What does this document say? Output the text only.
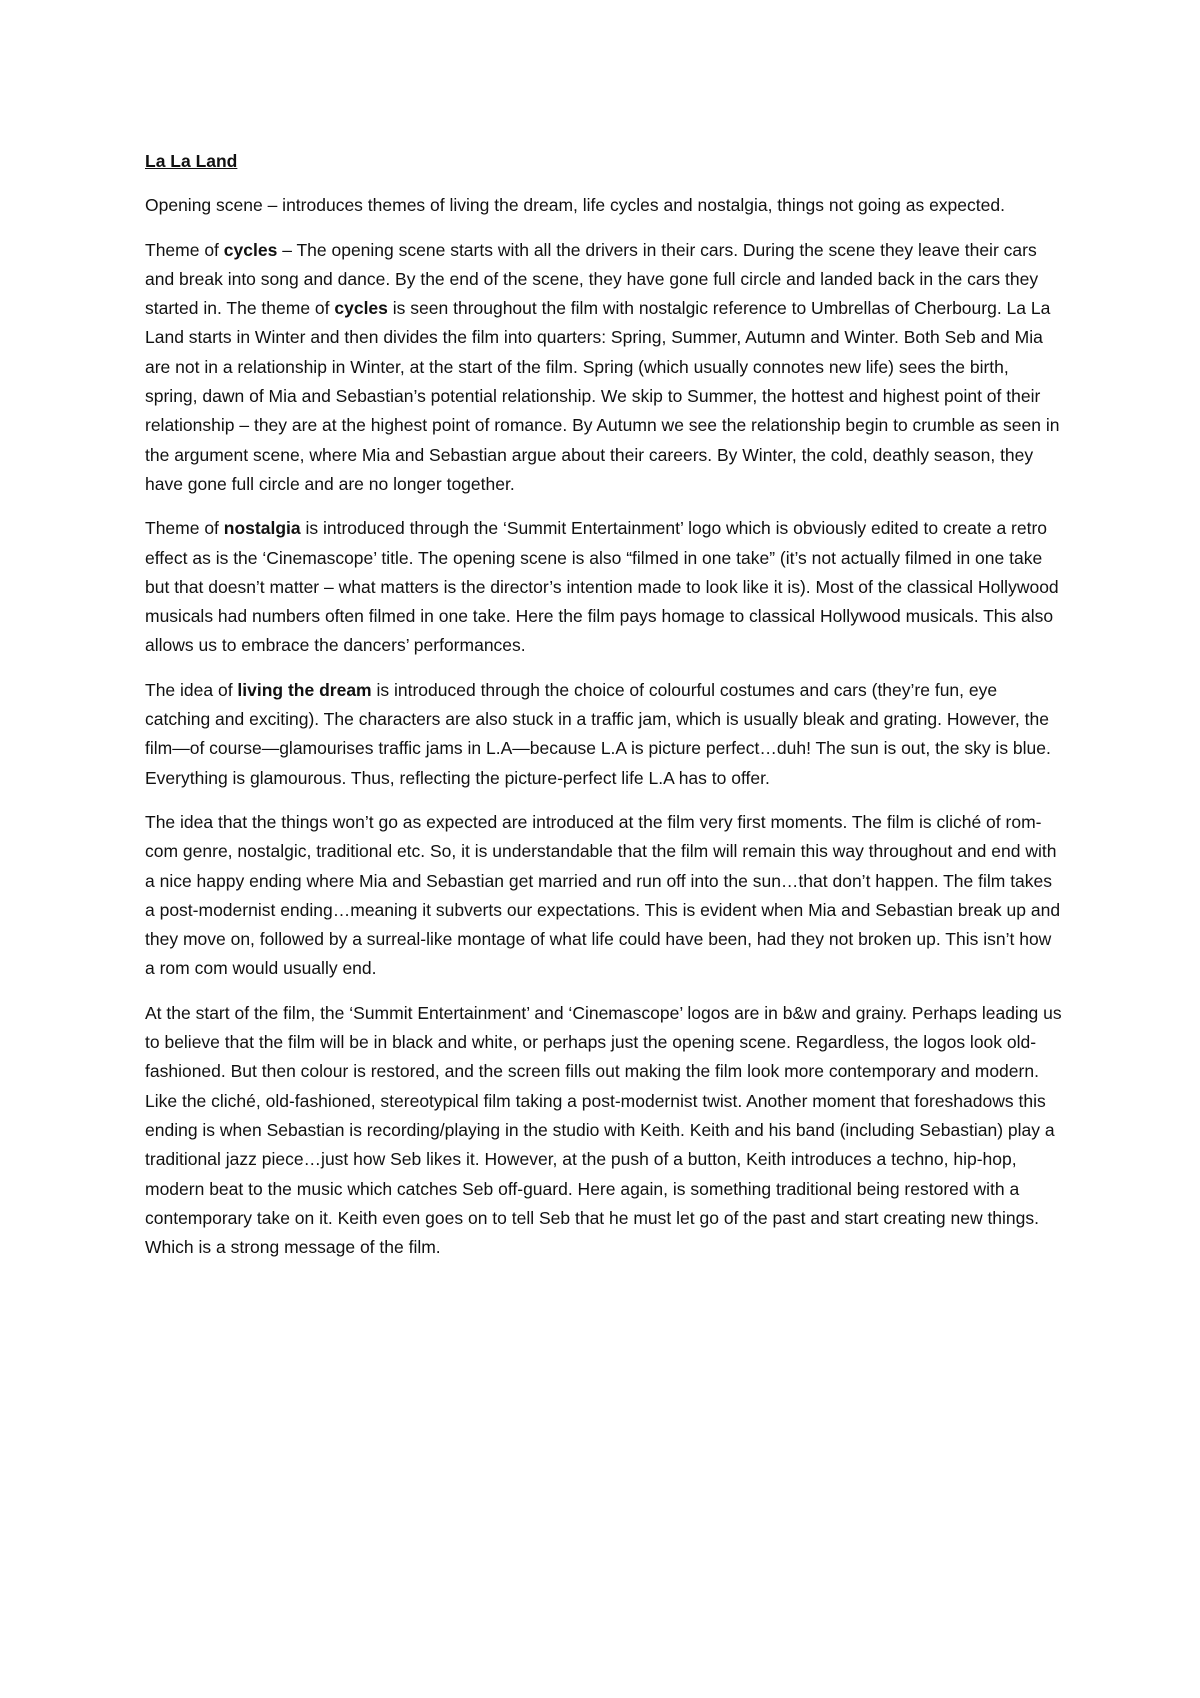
La La Land

Opening scene – introduces themes of living the dream, life cycles and nostalgia, things not going as expected.

Theme of cycles – The opening scene starts with all the drivers in their cars. During the scene they leave their cars and break into song and dance. By the end of the scene, they have gone full circle and landed back in the cars they started in. The theme of cycles is seen throughout the film with nostalgic reference to Umbrellas of Cherbourg. La La Land starts in Winter and then divides the film into quarters: Spring, Summer, Autumn and Winter. Both Seb and Mia are not in a relationship in Winter, at the start of the film. Spring (which usually connotes new life) sees the birth, spring, dawn of Mia and Sebastian’s potential relationship. We skip to Summer, the hottest and highest point of their relationship – they are at the highest point of romance. By Autumn we see the relationship begin to crumble as seen in the argument scene, where Mia and Sebastian argue about their careers. By Winter, the cold, deathly season, they have gone full circle and are no longer together.

Theme of nostalgia is introduced through the ‘Summit Entertainment’ logo which is obviously edited to create a retro effect as is the ‘Cinemascope’ title. The opening scene is also “filmed in one take” (it’s not actually filmed in one take but that doesn’t matter – what matters is the director’s intention made to look like it is). Most of the classical Hollywood musicals had numbers often filmed in one take. Here the film pays homage to classical Hollywood musicals. This also allows us to embrace the dancers’ performances.

The idea of living the dream is introduced through the choice of colourful costumes and cars (they’re fun, eye catching and exciting). The characters are also stuck in a traffic jam, which is usually bleak and grating. However, the film—of course—glamourises traffic jams in L.A—because L.A is picture perfect…duh! The sun is out, the sky is blue. Everything is glamourous. Thus, reflecting the picture-perfect life L.A has to offer.

The idea that the things won’t go as expected are introduced at the film very first moments. The film is cliché of rom-com genre, nostalgic, traditional etc. So, it is understandable that the film will remain this way throughout and end with a nice happy ending where Mia and Sebastian get married and run off into the sun…that don’t happen. The film takes a post-modernist ending…meaning it subverts our expectations. This is evident when Mia and Sebastian break up and they move on, followed by a surreal-like montage of what life could have been, had they not broken up. This isn’t how a rom com would usually end.

At the start of the film, the ‘Summit Entertainment’ and ‘Cinemascope’ logos are in b&w and grainy. Perhaps leading us to believe that the film will be in black and white, or perhaps just the opening scene. Regardless, the logos look old-fashioned. But then colour is restored, and the screen fills out making the film look more contemporary and modern. Like the cliché, old-fashioned, stereotypical film taking a post-modernist twist. Another moment that foreshadows this ending is when Sebastian is recording/playing in the studio with Keith. Keith and his band (including Sebastian) play a traditional jazz piece…just how Seb likes it. However, at the push of a button, Keith introduces a techno, hip-hop, modern beat to the music which catches Seb off-guard. Here again, is something traditional being restored with a contemporary take on it. Keith even goes on to tell Seb that he must let go of the past and start creating new things. Which is a strong message of the film.
